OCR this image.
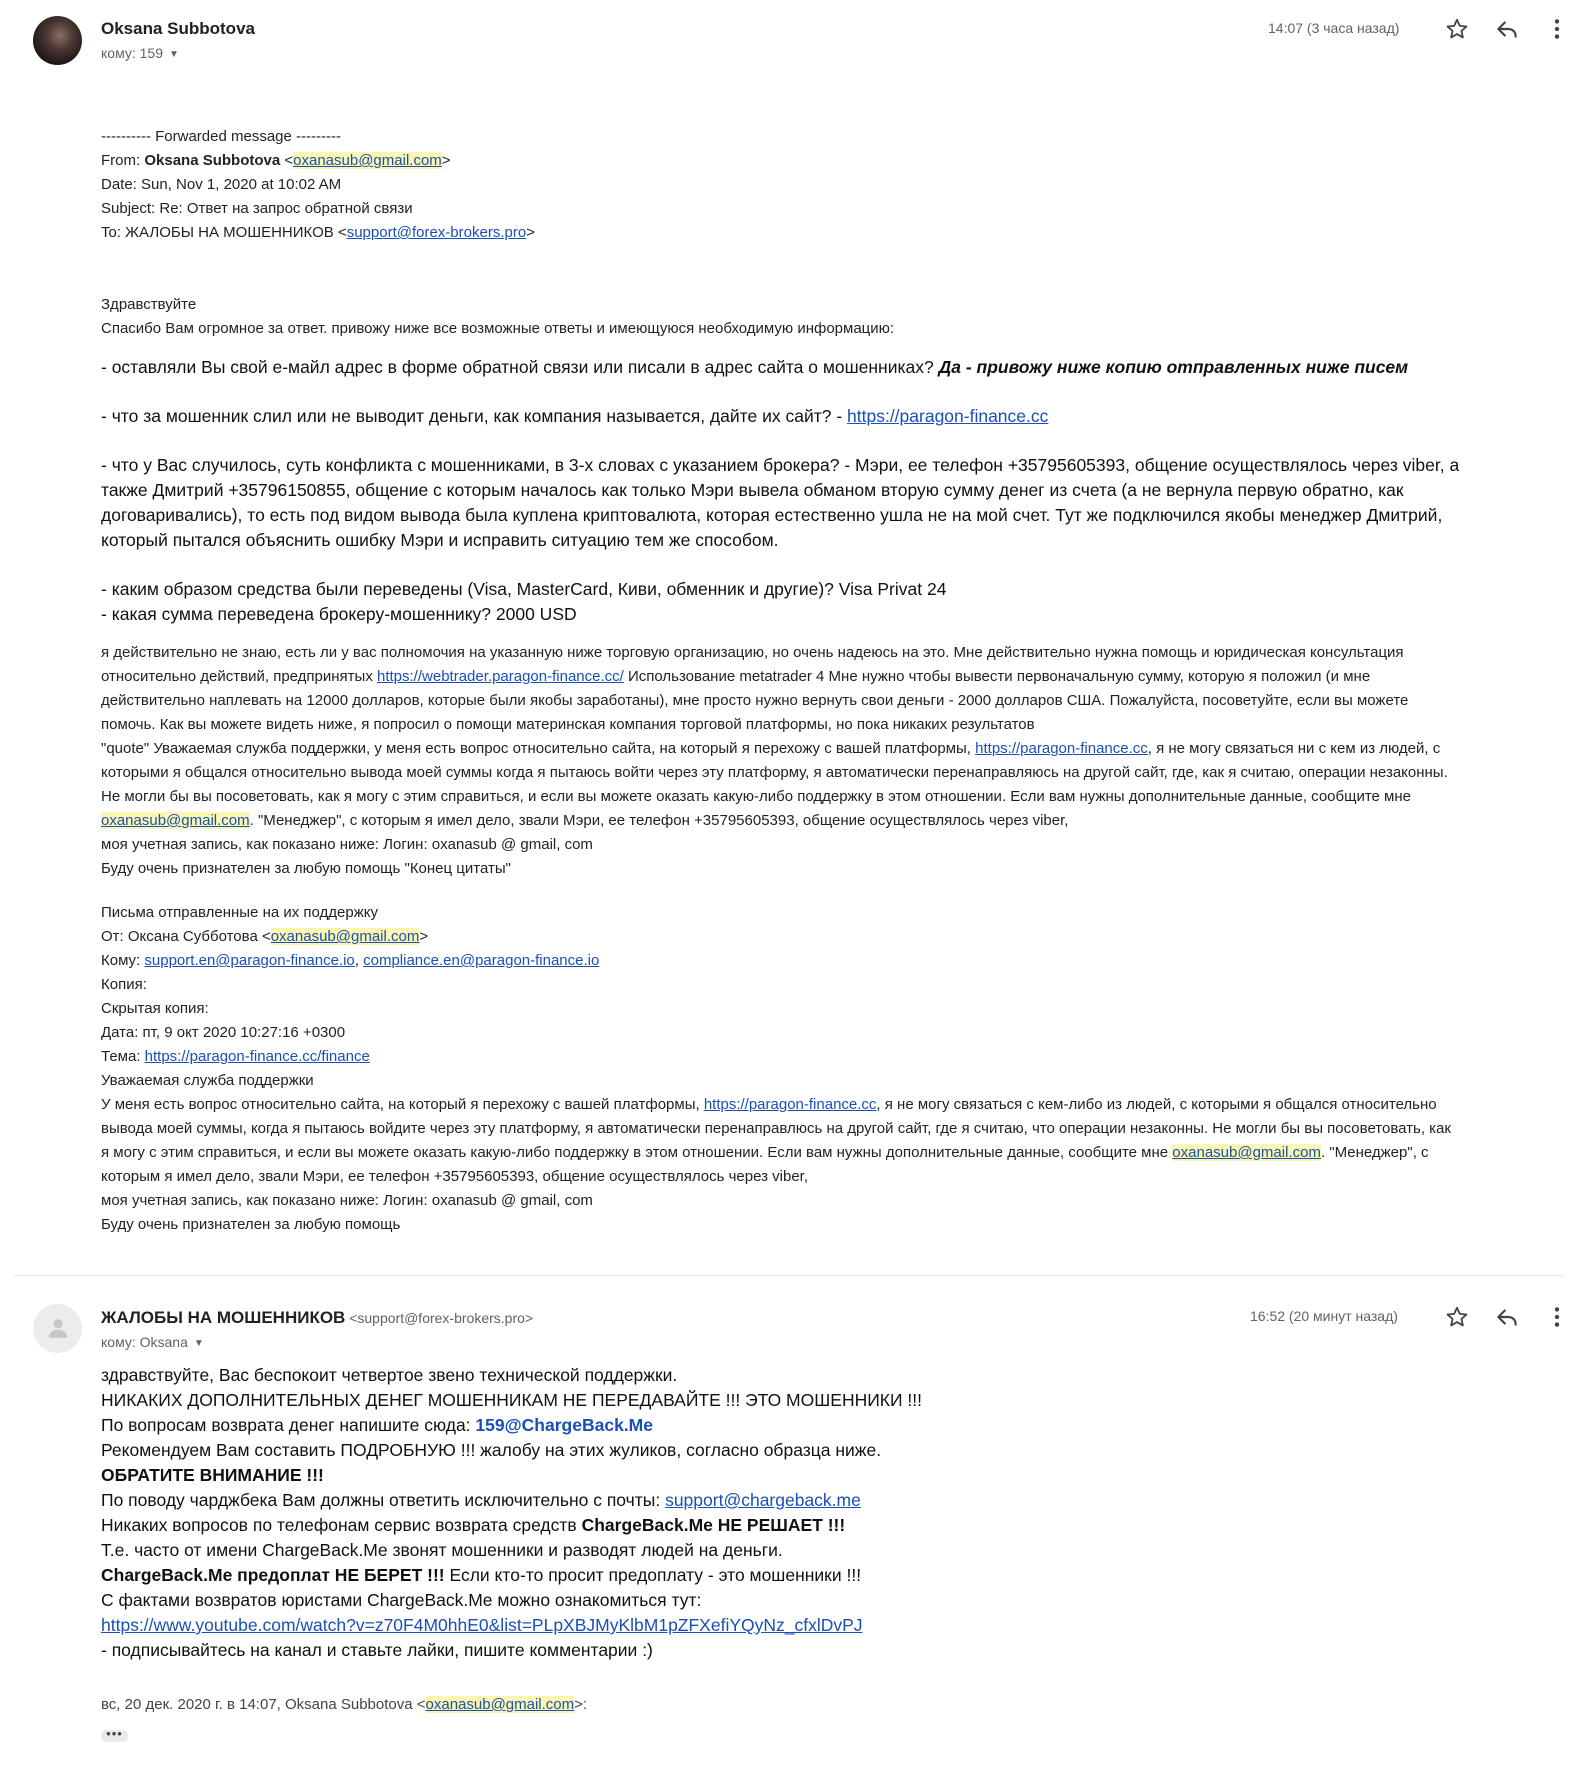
Oksana Subbotova
кому: 159 ▼
14:07 (3 часа назад)
---------- Forwarded message ---------
From: Oksana Subbotova <oxanasub@gmail.com>
Date: Sun, Nov 1, 2020 at 10:02 AM
Subject: Re: Ответ на запрос обратной связи
To: ЖАЛОБЫ НА МОШЕННИКОВ <support@forex-brokers.pro>
Здравствуйте
Спасибо Вам огромное за ответ. привожу ниже все возможные ответы и имеющуюся необходимую информацию:
- оставляли Вы свой е-майл адрес в форме обратной связи или писали в адрес сайта о мошенниках? Да - привожу ниже копию отправленных ниже писем
- что за мошенник слил или не выводит деньги, как компания называется, дайте их сайт? - https://paragon-finance.cc
- что у Вас случилось, суть конфликта с мошенниками, в 3-х словах с указанием брокера? - Мэри, ее телефон +35795605393, общение осуществлялось через viber, а
также Дмитрий +35796150855, общение с которым началось как только Мэри вывела обманом вторую сумму денег из счета (а не вернула первую обратно, как
договаривались), то есть под видом вывода была куплена криптовалюта, которая естественно ушла не на мой счет. Тут же подключился якобы менеджер Дмитрий,
который пытался объяснить ошибку Мэри и исправить ситуацию тем же способом.
- каким образом средства были переведены (Visa, MasterCard, Киви, обменник и другие)? Visa Privat 24
- какая сумма переведена брокеру-мошеннику? 2000 USD
я действительно не знаю, есть ли у вас полномочия на указанную ниже торговую организацию, но очень надеюсь на это. Мне действительно нужна помощь и юридическая консультация
относительно действий, предпринятых https://webtrader.paragon-finance.cc/ Использование metatrader 4 Мне нужно чтобы вывести первоначальную сумму, которую я положил (и мне
действительно наплевать на 12000 долларов, которые были якобы заработаны), мне просто нужно вернуть свои деньги - 2000 долларов США. Пожалуйста, посоветуйте, если вы можете
помочь. Как вы можете видеть ниже, я попросил о помощи материнская компания торговой платформы, но пока никаких результатов
"quote" Уважаемая служба поддержки, у меня есть вопрос относительно сайта, на который я перехожу с вашей платформы, https://paragon-finance.cc, я не могу связаться ни с кем из людей, с
которыми я общался относительно вывода моей суммы когда я пытаюсь войти через эту платформу, я автоматически перенаправляюсь на другой сайт, где, как я считаю, операции незаконны.
Не могли бы вы посоветовать, как я могу с этим справиться, и если вы можете оказать какую-либо поддержку в этом отношении. Если вам нужны дополнительные данные, сообщите мне
oxanasub@gmail.com. "Менеджер", с которым я имел дело, звали Мэри, ее телефон +35795605393, общение осуществлялось через viber,
моя учетная запись, как показано ниже: Логин: oxanasub @ gmail, com
Буду очень признателен за любую помощь "Конец цитаты"
Письма отправленные на их поддержку
От: Оксана Субботова <oxanasub@gmail.com>
Кому: support.en@paragon-finance.io, compliance.en@paragon-finance.io
Копия:
Скрытая копия:
Дата: пт, 9 окт 2020 10:27:16 +0300
Тема: https://paragon-finance.cc/finance
Уважаемая служба поддержки
У меня есть вопрос относительно сайта, на который я перехожу с вашей платформы, https://paragon-finance.cc, я не могу связаться с кем-либо из людей, с которыми я общался относительно
вывода моей суммы, когда я пытаюсь войдите через эту платформу, я автоматически перенаправлюсь на другой сайт, где я считаю, что операции незаконны. Не могли бы вы посоветовать, как
я могу с этим справиться, и если вы можете оказать какую-либо поддержку в этом отношении. Если вам нужны дополнительные данные, сообщите мне oxanasub@gmail.com. "Менеджер", с
которым я имел дело, звали Мэри, ее телефон +35795605393, общение осуществлялось через viber,
моя учетная запись, как показано ниже: Логин: oxanasub @ gmail, com
Буду очень признателен за любую помощь
ЖАЛОБЫ НА МОШЕННИКОВ <support@forex-brokers.pro>
кому: Oksana ▼
16:52 (20 минут назад)
здравствуйте, Вас беспокоит четвертое звено технической поддержки.
НИКАКИХ ДОПОЛНИТЕЛЬНЫХ ДЕНЕГ МОШЕННИКАМ НЕ ПЕРЕДАВАЙТЕ !!! ЭТО МОШЕННИКИ !!!
По вопросам возврата денег напишите сюда: 159@ChargeBack.Me
Рекомендуем Вам составить ПОДРОБНУЮ !!! жалобу на этих жуликов, согласно образца ниже.
ОБРАТИТЕ ВНИМАНИЕ !!!
По поводу чарджбека Вам должны ответить исключительно с почты: support@chargeback.me
Никаких вопросов по телефонам сервис возврата средств ChargeBack.Me НЕ РЕШАЕТ !!!
Т.е. часто от имени ChargeBack.Me звонят мошенники и разводят людей на деньги.
ChargeBack.Me предоплат НЕ БЕРЕТ !!! Если кто-то просит предоплату - это мошенники !!!
С фактами возвратов юристами ChargeBack.Me можно ознакомиться тут:
https://www.youtube.com/watch?v=z70F4M0hhE0&list=PLpXBJMyKlbM1pZFXefiYQyNz_cfxlDvPJ
- подписывайтесь на канал и ставьте лайки, пишите комментарии :)
вс, 20 дек. 2020 г. в 14:07, Oksana Subbotova <oxanasub@gmail.com>:
•••
